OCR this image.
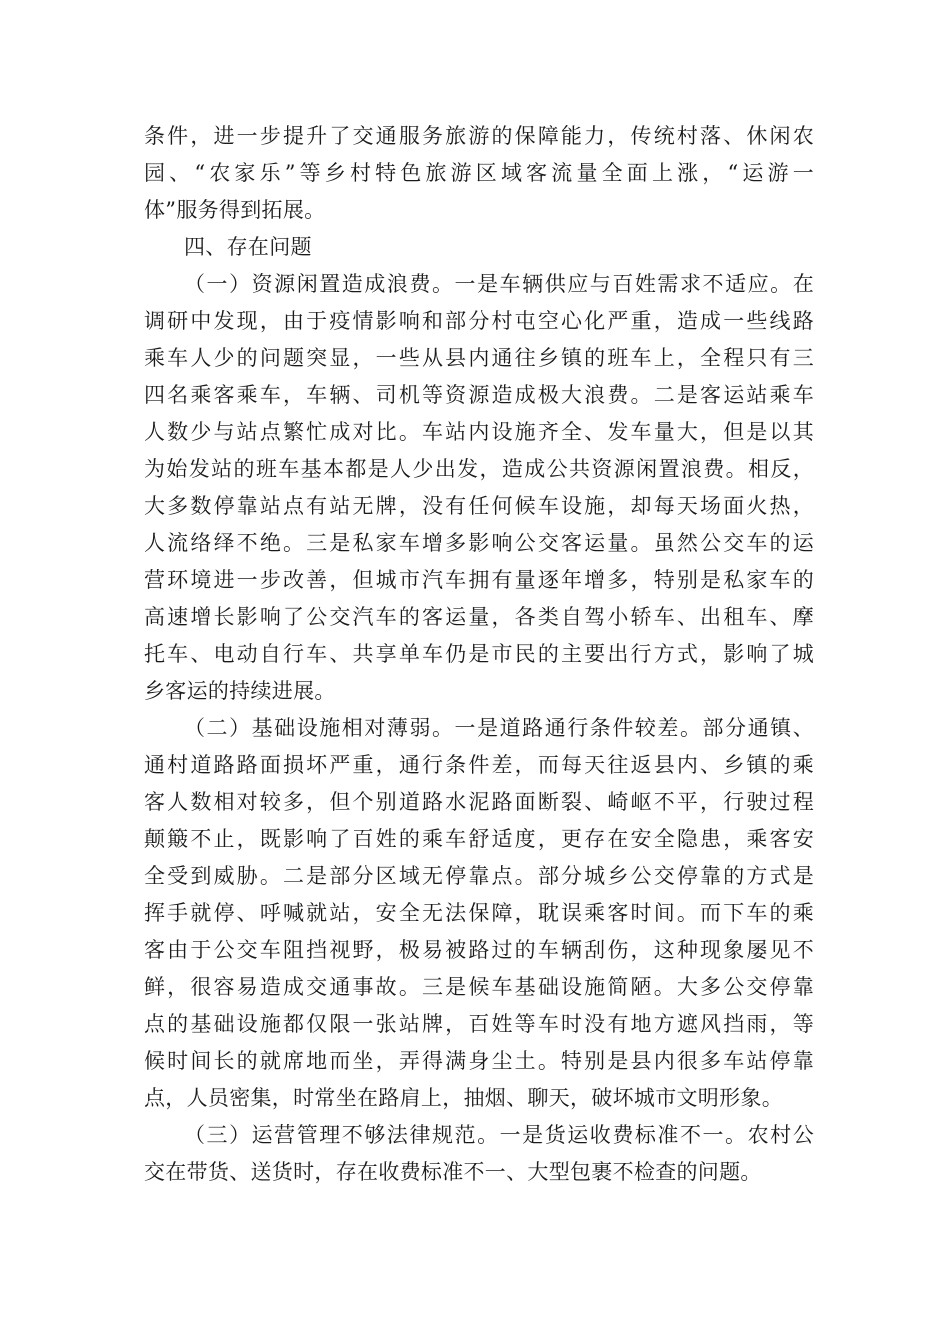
条件，进一步提升了交通服务旅游的保障能力，传统村落、休闲农
园、“农家乐”等乡村特色旅游区域客流量全面上涨，“运游一
体”服务得到拓展。
四、存在问题
（一）资源闲置造成浪费。一是车辆供应与百姓需求不适应。在
调研中发现，由于疫情影响和部分村屯空心化严重，造成一些线路
乘车人少的问题突显，一些从县内通往乡镇的班车上，全程只有三
四名乘客乘车，车辆、司机等资源造成极大浪费。二是客运站乘车
人数少与站点繁忙成对比。车站内设施齐全、发车量大，但是以其
为始发站的班车基本都是人少出发，造成公共资源闲置浪费。相反，
大多数停靠站点有站无牌，没有任何候车设施，却每天场面火热，
人流络绎不绝。三是私家车增多影响公交客运量。虽然公交车的运
营环境进一步改善，但城市汽车拥有量逐年增多，特别是私家车的
高速增长影响了公交汽车的客运量，各类自驾小轿车、出租车、摩
托车、电动自行车、共享单车仍是市民的主要出行方式，影响了城
乡客运的持续进展。
（二）基础设施相对薄弱。一是道路通行条件较差。部分通镇、
通村道路路面损坏严重，通行条件差，而每天往返县内、乡镇的乘
客人数相对较多，但个别道路水泥路面断裂、崎岖不平，行驶过程
颠簸不止，既影响了百姓的乘车舒适度，更存在安全隐患，乘客安
全受到威胁。二是部分区域无停靠点。部分城乡公交停靠的方式是
挥手就停、呼喊就站，安全无法保障，耽误乘客时间。而下车的乘
客由于公交车阻挡视野，极易被路过的车辆刮伤，这种现象屡见不
鲜，很容易造成交通事故。三是候车基础设施简陋。大多公交停靠
点的基础设施都仅限一张站牌，百姓等车时没有地方遮风挡雨，等
候时间长的就席地而坐，弄得满身尘土。特别是县内很多车站停靠
点，人员密集，时常坐在路肩上，抽烟、聊天，破坏城市文明形象。
（三）运营管理不够法律规范。一是货运收费标准不一。农村公
交在带货、送货时，存在收费标准不一、大型包裹不检查的问题。
